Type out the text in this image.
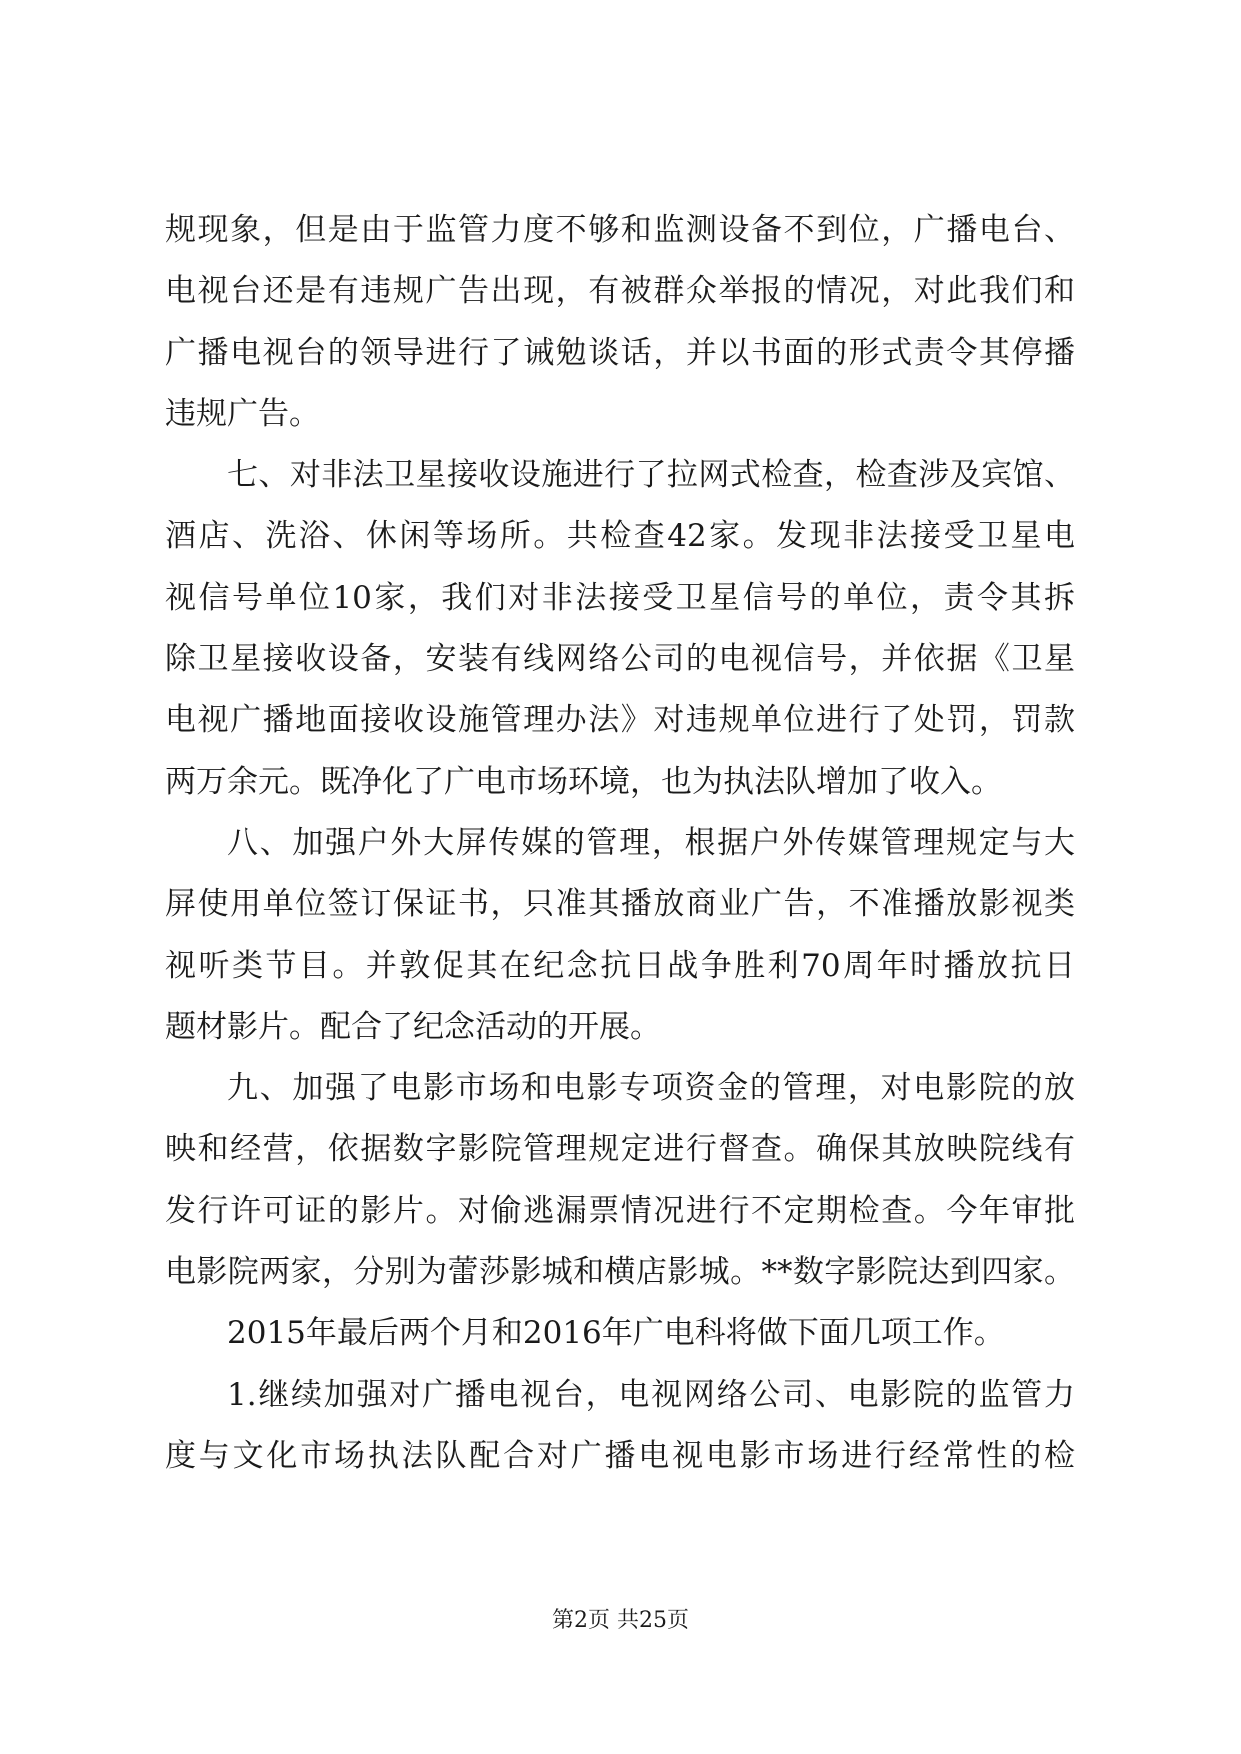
规现象，但是由于监管力度不够和监测设备不到位，广播电台、
电视台还是有违规广告出现，有被群众举报的情况，对此我们和
广播电视台的领导进行了诫勉谈话，并以书面的形式责令其停播
违规广告。
七、对非法卫星接收设施进行了拉网式检查，检查涉及宾馆、
酒店、洗浴、休闲等场所。共检查42家。发现非法接受卫星电
视信号单位10家，我们对非法接受卫星信号的单位，责令其拆
除卫星接收设备，安装有线网络公司的电视信号，并依据《卫星
电视广播地面接收设施管理办法》对违规单位进行了处罚，罚款
两万余元。既净化了广电市场环境，也为执法队增加了收入。
八、加强户外大屏传媒的管理，根据户外传媒管理规定与大
屏使用单位签订保证书，只准其播放商业广告，不准播放影视类
视听类节目。并敦促其在纪念抗日战争胜利70周年时播放抗日
题材影片。配合了纪念活动的开展。
九、加强了电影市场和电影专项资金的管理，对电影院的放
映和经营，依据数字影院管理规定进行督查。确保其放映院线有
发行许可证的影片。对偷逃漏票情况进行不定期检查。今年审批
电影院两家，分别为蕾莎影城和横店影城。**数字影院达到四家。
2015年最后两个月和2016年广电科将做下面几项工作。
1.继续加强对广播电视台，电视网络公司、电影院的监管力
度与文化市场执法队配合对广播电视电影市场进行经常性的检
第2页 共25页
